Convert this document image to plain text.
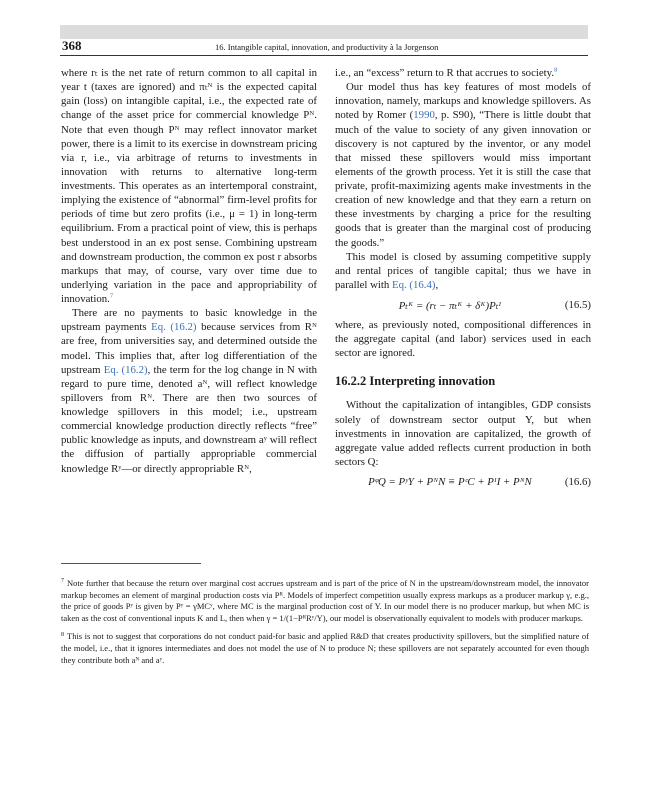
368	16. Intangible capital, innovation, and productivity à la Jorgenson

where rₜ is the net rate of return common to all capital in year t (taxes are ignored) and πₜᴺ is the expected capital gain (loss) on intangible capital, i.e., the expected rate of change of the asset price for commercial knowledge Pᴺ. Note that even though Pᴺ may reflect innovator market power, there is a limit to its exercise in downstream pricing via r, i.e., via arbitrage of returns to investments in innovation with returns to alternative long-term investments. This operates as an intertemporal constraint, implying the existence of “abnormal” firm-level profits for periods of time but zero profits (i.e., μ = 1) in long-term equilibrium. From a practical point of view, this is perhaps best understood in an ex post sense. Combining upstream and downstream production, the common ex post r absorbs markups that may, of course, vary over time due to underlying variation in the pace and appropriability of innovation.$^7$

There are no payments to basic knowledge in the upstream payments Eq. (16.2) because services from Rᴺ are free, from universities say, and determined outside the model. This implies that, after log differentiation of the upstream Eq. (16.2), the term for the log change in N with regard to pure time, denoted aᴺ, will reflect knowledge spillovers from Rᴺ. There are then two sources of knowledge spillovers in this model; i.e., upstream commercial knowledge production directly reflects “free” public knowledge as inputs, and downstream aʸ will reflect the diffusion of partially appropriable commercial knowledge Rʸ—or directly appropriable Rᴺ,

i.e., an “excess” return to R that accrues to society.$^8$

Our model thus has key features of most models of innovation, namely, markups and knowledge spillovers. As noted by Romer (1990, p. S90), “There is little doubt that much of the value to society of any given innovation or discovery is not captured by the inventor, or any model that missed these spillovers would miss important elements of the growth process. Yet it is still the case that private, profit-maximizing agents make investments in the creation of new knowledge and that they earn a return on these investments by charging a price for the resulting goods that is greater than the marginal cost of producing the goods.”

This model is closed by assuming competitive supply and rental prices of tangible capital; thus we have in parallel with Eq. (16.4),

Pₜᴷ = (rₜ − πₜᴷ + δᴷ)Pₜᴵ	(16.5)

where, as previously noted, compositional differences in the aggregate capital (and labor) services used in each sector are ignored.

16.2.2 Interpreting innovation

Without the capitalization of intangibles, GDP consists solely of downstream sector output Y, but when investments in innovation are capitalized, the growth of aggregate value added reflects current production in both sectors Q:

PᵠQ = PʸY + PᴺN ≡ PᶜC + PᴵI + PᴺN	(16.6)

$^7$ Note further that because the return over marginal cost accrues upstream and is part of the price of N in the upstream/downstream model, the innovator markup becomes an element of marginal production costs via Pᴿ. Models of imperfect competition usually express markups as a producer markup γ, e.g., the price of goods Pʸ is given by Pʸ = γMCʸ, where MC is the marginal production cost of Y. In our model there is no producer markup, but when MC is taken as the cost of conventional inputs K and L, then when γ = 1/(1−PᴿRʸ/Y), our model is observationally equivalent to models with producer markups.

$^8$ This is not to suggest that corporations do not conduct paid-for basic and applied R&D that creates productivity spillovers, but the simplified nature of the model, i.e., that it ignores intermediates and does not model the use of N to produce N; these spillovers are not separately accounted for even though they contribute both aᴺ and aʸ.
